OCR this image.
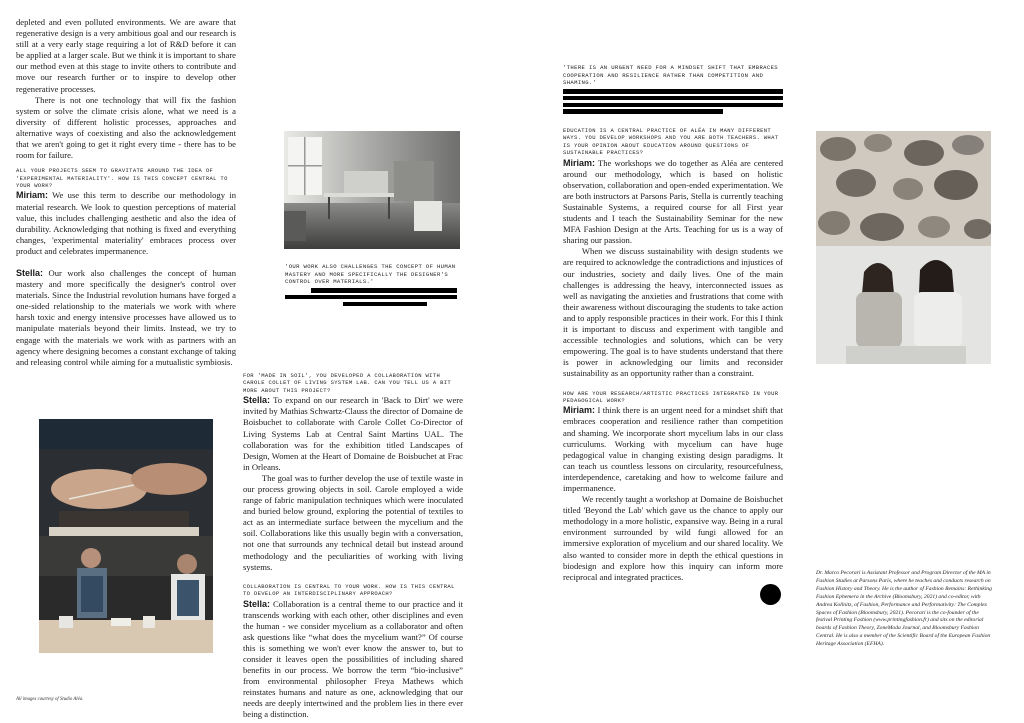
depleted and even polluted environments. We are aware that regenerative design is a very ambitious goal and our research is still at a very early stage requiring a lot of R&D before it can be applied at a larger scale. But we think it is important to share our method even at this stage to invite others to contribute and move our research further or to inspire to develop other regenerative processes.

There is not one technology that will fix the fashion system or solve the climate crisis alone, what we need is a diversity of different holistic processes, approaches and alternative ways of coexisting and also the acknowledgement that we aren't going to get it right every time - there has to be room for failure.

ALL YOUR PROJECTS SEEM TO GRAVITATE AROUND THE IDEA OF 'EXPERIMENTAL MATERIALITY'. HOW IS THIS CONCEPT CENTRAL TO YOUR WORK?

Miriam: We use this term to describe our methodology in material research. We look to question perceptions of material value, this includes challenging aesthetic and also the idea of durability. Acknowledging that nothing is fixed and everything changes, 'experimental materiality' embraces process over product and celebrates impermanence.

Stella: Our work also challenges the concept of human mastery and more specifically the designer's control over materials. Since the Industrial revolution humans have forged a one-sided relationship to the materials we work with where harsh toxic and energy intensive processes have allowed us to manipulate materials beyond their limits. Instead, we try to engage with the materials we work with as partners with an agency where designing becomes a constant exchange of taking and releasing control while aiming for a mutualistic symbiosis.

'OUR WORK ALSO CHALLENGES THE CONCEPT OF HUMAN MASTERY AND MORE SPECIFICALLY THE DESIGNER'S CONTROL OVER MATERIALS.'
All images courtesy of Studio Aléa.

FOR 'MADE IN SOIL', YOU DEVELOPED A COLLABORATION WITH CAROLE COLLET OF LIVING SYSTEM LAB. CAN YOU TELL US A BIT MORE ABOUT THIS PROJECT?

Stella: To expand on our research in 'Back to Dirt' we were invited by Mathias Schwartz-Clauss the director of Domaine de Boisbuchet to collaborate with Carole Collet Co-Director of Living Systems Lab at Central Saint Martins UAL. The collaboration was for the exhibition titled Landscapes of Design, Women at the Heart of Domaine de Boisbuchet at Frac in Orleans.

The goal was to further develop the use of textile waste in our process growing objects in soil. Carole employed a wide range of fabric manipulation techniques which were inoculated and buried below ground, exploring the potential of textiles to act as an intermediate surface between the mycelium and the soil. Collaborations like this usually begin with a conversation, not one that surrounds any technical detail but instead around methodology and the peculiarities of working with living systems.

COLLABORATION IS CENTRAL TO YOUR WORK. HOW IS THIS CENTRAL TO DEVELOP AN INTERDISCIPLINARY APPROACH?

Stella: Collaboration is a central theme to our practice and it transcends working with each other, other disciplines and even the human - we consider mycelium as a collaborator and often ask questions like “what does the mycelium want?” Of course this is something we won't ever know the answer to, but to consider it leaves open the possibilities of including shared benefits in our process. We borrow the term “bio-inclusive” from environmental philosopher Freya Mathews which reinstates humans and nature as one, acknowledging that our needs are deeply intertwined and the problem lies in there ever being a distinction.

'THERE IS AN URGENT NEED FOR A MINDSET SHIFT THAT EMBRACES COOPERATION AND RESILIENCE RATHER THAN COMPETITION AND SHAMING.'

EDUCATION IS A CENTRAL PRACTICE OF ALÉA IN MANY DIFFERENT WAYS. YOU DEVELOP WORKSHOPS AND YOU ARE BOTH TEACHERS. WHAT IS YOUR OPINION ABOUT EDUCATION AROUND QUESTIONS OF SUSTAINABLE PRACTICES?

Miriam: The workshops we do together as Aléa are centered around our methodology, which is based on holistic observation, collaboration and open-ended experimentation. We are both instructors at Parsons Paris, Stella is currently teaching Sustainable Systems, a required course for all First year students and I teach the Sustainability Seminar for the new MFA Fashion Design at the Arts. Teaching for us is a way of sharing our passion.

When we discuss sustainability with design students we are required to acknowledge the contradictions and injustices of our industries, society and daily lives. One of the main challenges is addressing the heavy, interconnected issues as well as navigating the anxieties and frustrations that come with their awareness without discouraging the students to take action and to apply responsible practices in their work. For this I think it is important to discuss and experiment with tangible and accessible technologies and solutions, which can be very empowering. The goal is to have students understand that there is power in acknowledging our limits and reconsider sustainability as an opportunity rather than a constraint.

HOW ARE YOUR RESEARCH/ARTISTIC PRACTICES INTEGRATED IN YOUR PEDAGOGICAL WORK?

Miriam: I think there is an urgent need for a mindset shift that embraces cooperation and resilience rather than competition and shaming. We incorporate short mycelium labs in our class curriculums. Working with mycelium can have huge pedagogical value in changing existing design paradigms. It can teach us countless lessons on circularity, resourcefulness, interdependence, caretaking and how to welcome failure and impermanence.

We recently taught a workshop at Domaine de Boisbuchet titled 'Beyond the Lab' which gave us the chance to apply our methodology in a more holistic, expansive way. Being in a rural environment surrounded by wild fungi allowed for an immersive exploration of mycelium and our shared locality. We also wanted to consider more in depth the ethical questions in biodesign and explore how this inquiry can inform more reciprocal and integrated practices.	Dr. Marco Pecorari is Assistant Professor and Program Director of the MA in Fashion Studies at Parsons Paris, where he teaches and conducts research on Fashion History and Theory. He is the author of Fashion Remains: Rethinking Fashion Ephemera in the Archive (Bloomsbury, 2021) and co-editor, with Andrea Kollnitz, of Fashion, Performance and Performativity: The Complex Spaces of Fashion (Bloomsbury, 2021). Pecorari is the co-founder of the festival Printing Fashion (www.printingfashion.fr) and sits on the editorial boards of Fashion Theory, ZoneModa Journal, and Bloomsbury Fashion Central. He is also a member of the Scientific Board of the European Fashion Heritage Association (EFHA).
